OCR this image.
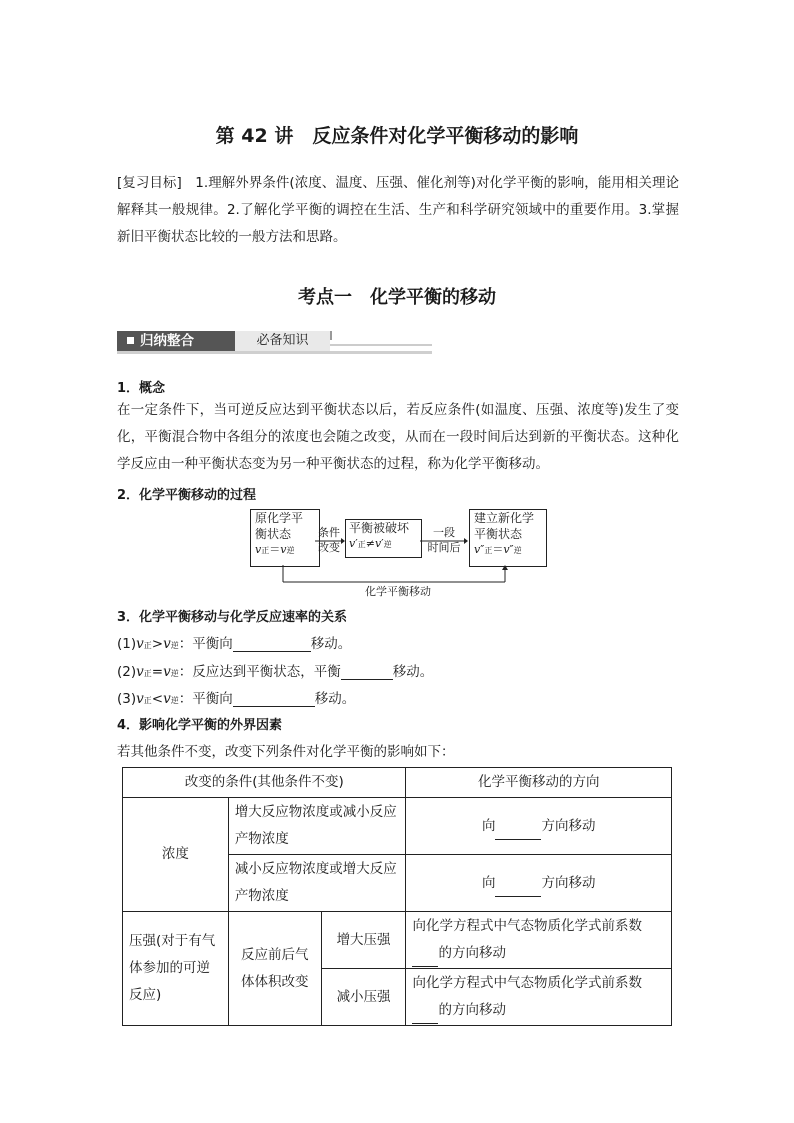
第 42 讲　反应条件对化学平衡移动的影响
[复习目标]　1.理解外界条件(浓度、温度、压强、催化剂等)对化学平衡的影响，能用相关理论解释其一般规律。2.了解化学平衡的调控在生活、生产和科学研究领域中的重要作用。3.掌握新旧平衡状态比较的一般方法和思路。
考点一　化学平衡的移动
归纳整合	必备知识
1．概念
在一定条件下，当可逆反应达到平衡状态以后，若反应条件(如温度、压强、浓度等)发生了变化，平衡混合物中各组分的浓度也会随之改变，从而在一段时间后达到新的平衡状态。这种化学反应由一种平衡状态变为另一种平衡状态的过程，称为化学平衡移动。
2．化学平衡移动的过程
原化学平
衡状态
v正＝v逆
条件
改变
平衡被破坏
v′正≠v′逆
一段
时间后
建立新化学
平衡状态
v″正＝v″逆
化学平衡移动
3．化学平衡移动与化学反应速率的关系
(1)v正>v逆：平衡向	移动。
(2)v正=v逆：反应达到平衡状态，平衡	移动。
(3)v正<v逆：平衡向	移动。
4．影响化学平衡的外界因素
若其他条件不变，改变下列条件对化学平衡的影响如下：
改变的条件(其他条件不变)			化学平衡移动的方向
浓度	增大反应物浓度或减小反应产物浓度		向 方向移动
	减小反应物浓度或增大反应产物浓度		向 方向移动
压强(对于有气体参加的可逆反应)	反应前后气体体积改变	增大压强	向化学方程式中气态物质化学式前系数
的方向移动
		减小压强	向化学方程式中气态物质化学式前系数
的方向移动
